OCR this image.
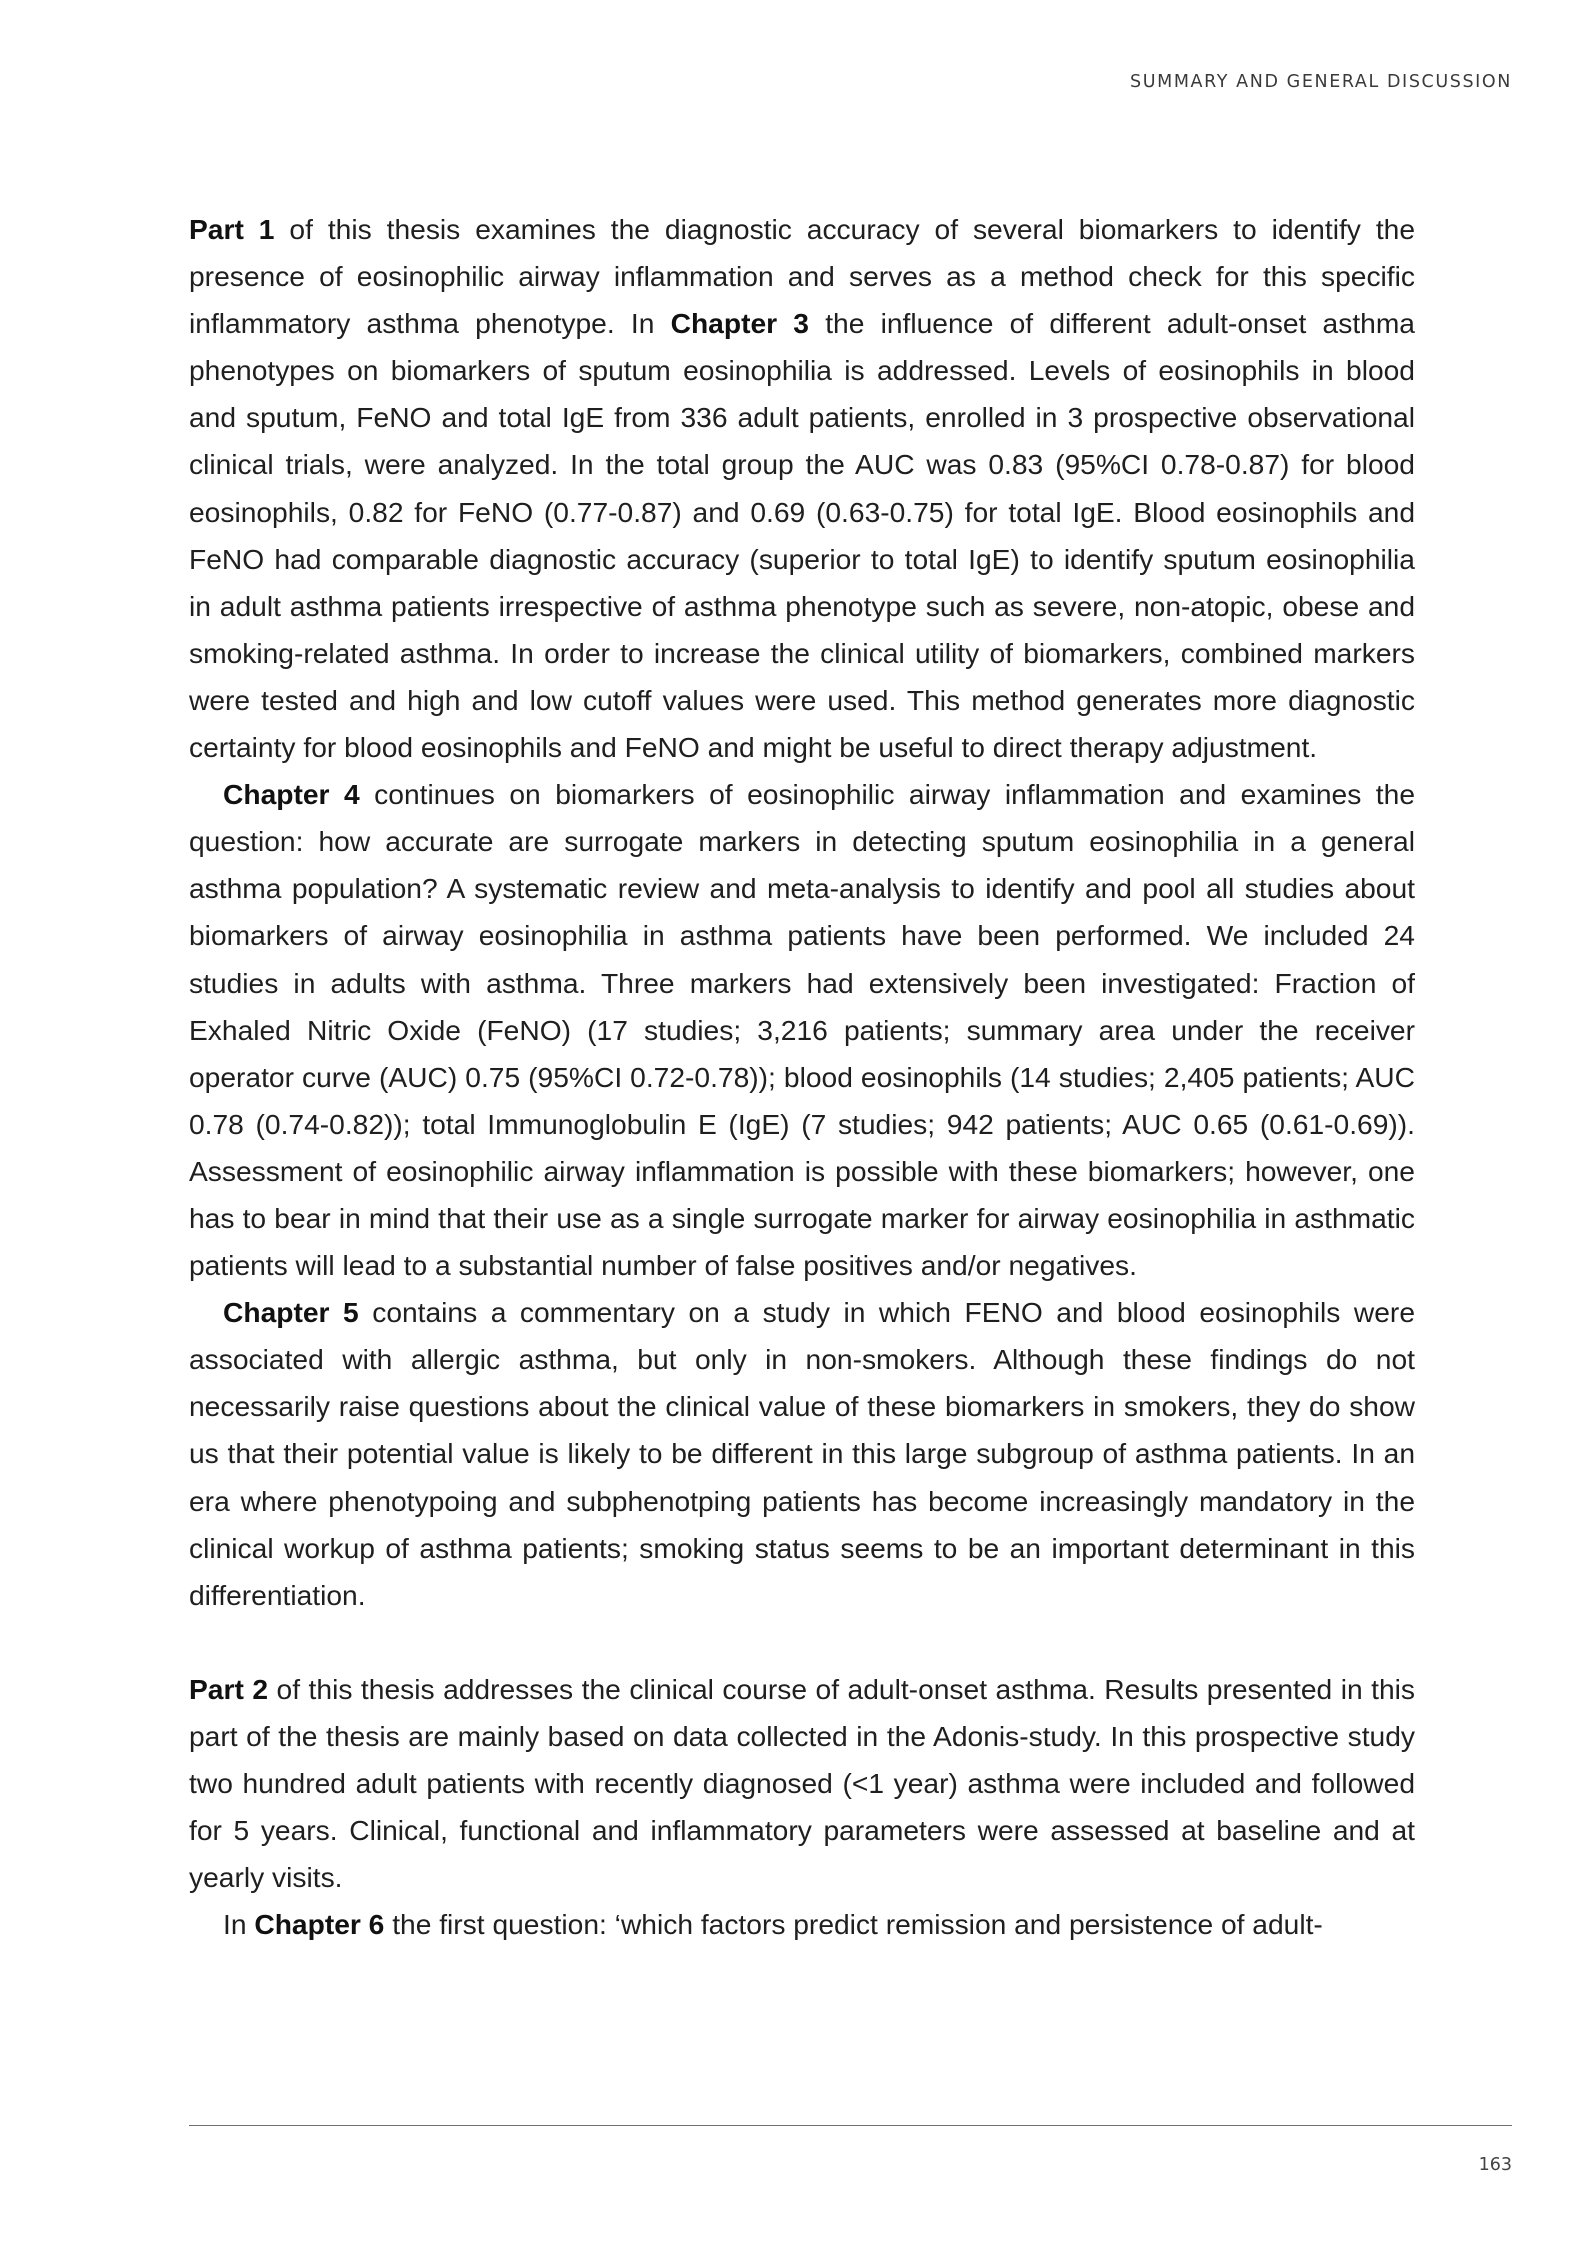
SUMMARY AND GENERAL DISCUSSION

Part 1 of this thesis examines the diagnostic accuracy of several biomarkers to identify the presence of eosinophilic airway inflammation and serves as a method check for this specific inflammatory asthma phenotype. In Chapter 3 the influence of different adult-onset asthma phenotypes on biomarkers of sputum eosinophilia is addressed. Levels of eosinophils in blood and sputum, FeNO and total IgE from 336 adult patients, enrolled in 3 prospective observational clinical trials, were analyzed. In the total group the AUC was 0.83 (95%CI 0.78-0.87) for blood eosinophils, 0.82 for FeNO (0.77-0.87) and 0.69 (0.63-0.75) for total IgE. Blood eosinophils and FeNO had comparable diagnostic accuracy (superior to total IgE) to identify sputum eosinophilia in adult asthma patients irrespective of asthma phenotype such as severe, non-atopic, obese and smoking-related asthma. In order to increase the clinical utility of biomarkers, combined markers were tested and high and low cutoff values were used. This method generates more diagnostic certainty for blood eosinophils and FeNO and might be useful to direct therapy adjustment.

Chapter 4 continues on biomarkers of eosinophilic airway inflammation and examines the question: how accurate are surrogate markers in detecting sputum eosinophilia in a general asthma population? A systematic review and meta-analysis to identify and pool all studies about biomarkers of airway eosinophilia in asthma patients have been performed. We included 24 studies in adults with asthma. Three markers had extensively been investigated: Fraction of Exhaled Nitric Oxide (FeNO) (17 studies; 3,216 patients; summary area under the receiver operator curve (AUC) 0.75 (95%CI 0.72-0.78)); blood eosinophils (14 studies; 2,405 patients; AUC 0.78 (0.74-0.82)); total Immunoglobulin E (IgE) (7 studies; 942 patients; AUC 0.65 (0.61-0.69)). Assessment of eosinophilic airway inflammation is possible with these biomarkers; however, one has to bear in mind that their use as a single surrogate marker for airway eosinophilia in asthmatic patients will lead to a substantial number of false positives and/or negatives.

Chapter 5 contains a commentary on a study in which FENO and blood eosinophils were associated with allergic asthma, but only in non-smokers. Although these findings do not necessarily raise questions about the clinical value of these biomarkers in smokers, they do show us that their potential value is likely to be different in this large subgroup of asthma patients. In an era where phenotypoing and subphenotping patients has become increasingly mandatory in the clinical workup of asthma patients; smoking status seems to be an important determinant in this differentiation.

Part 2 of this thesis addresses the clinical course of adult-onset asthma. Results presented in this part of the thesis are mainly based on data collected in the Adonis-study. In this prospective study two hundred adult patients with recently diagnosed (<1 year) asthma were included and followed for 5 years. Clinical, functional and inflammatory parameters were assessed at baseline and at yearly visits.

In Chapter 6 the first question: ‘which factors predict remission and persistence of adult-

163
